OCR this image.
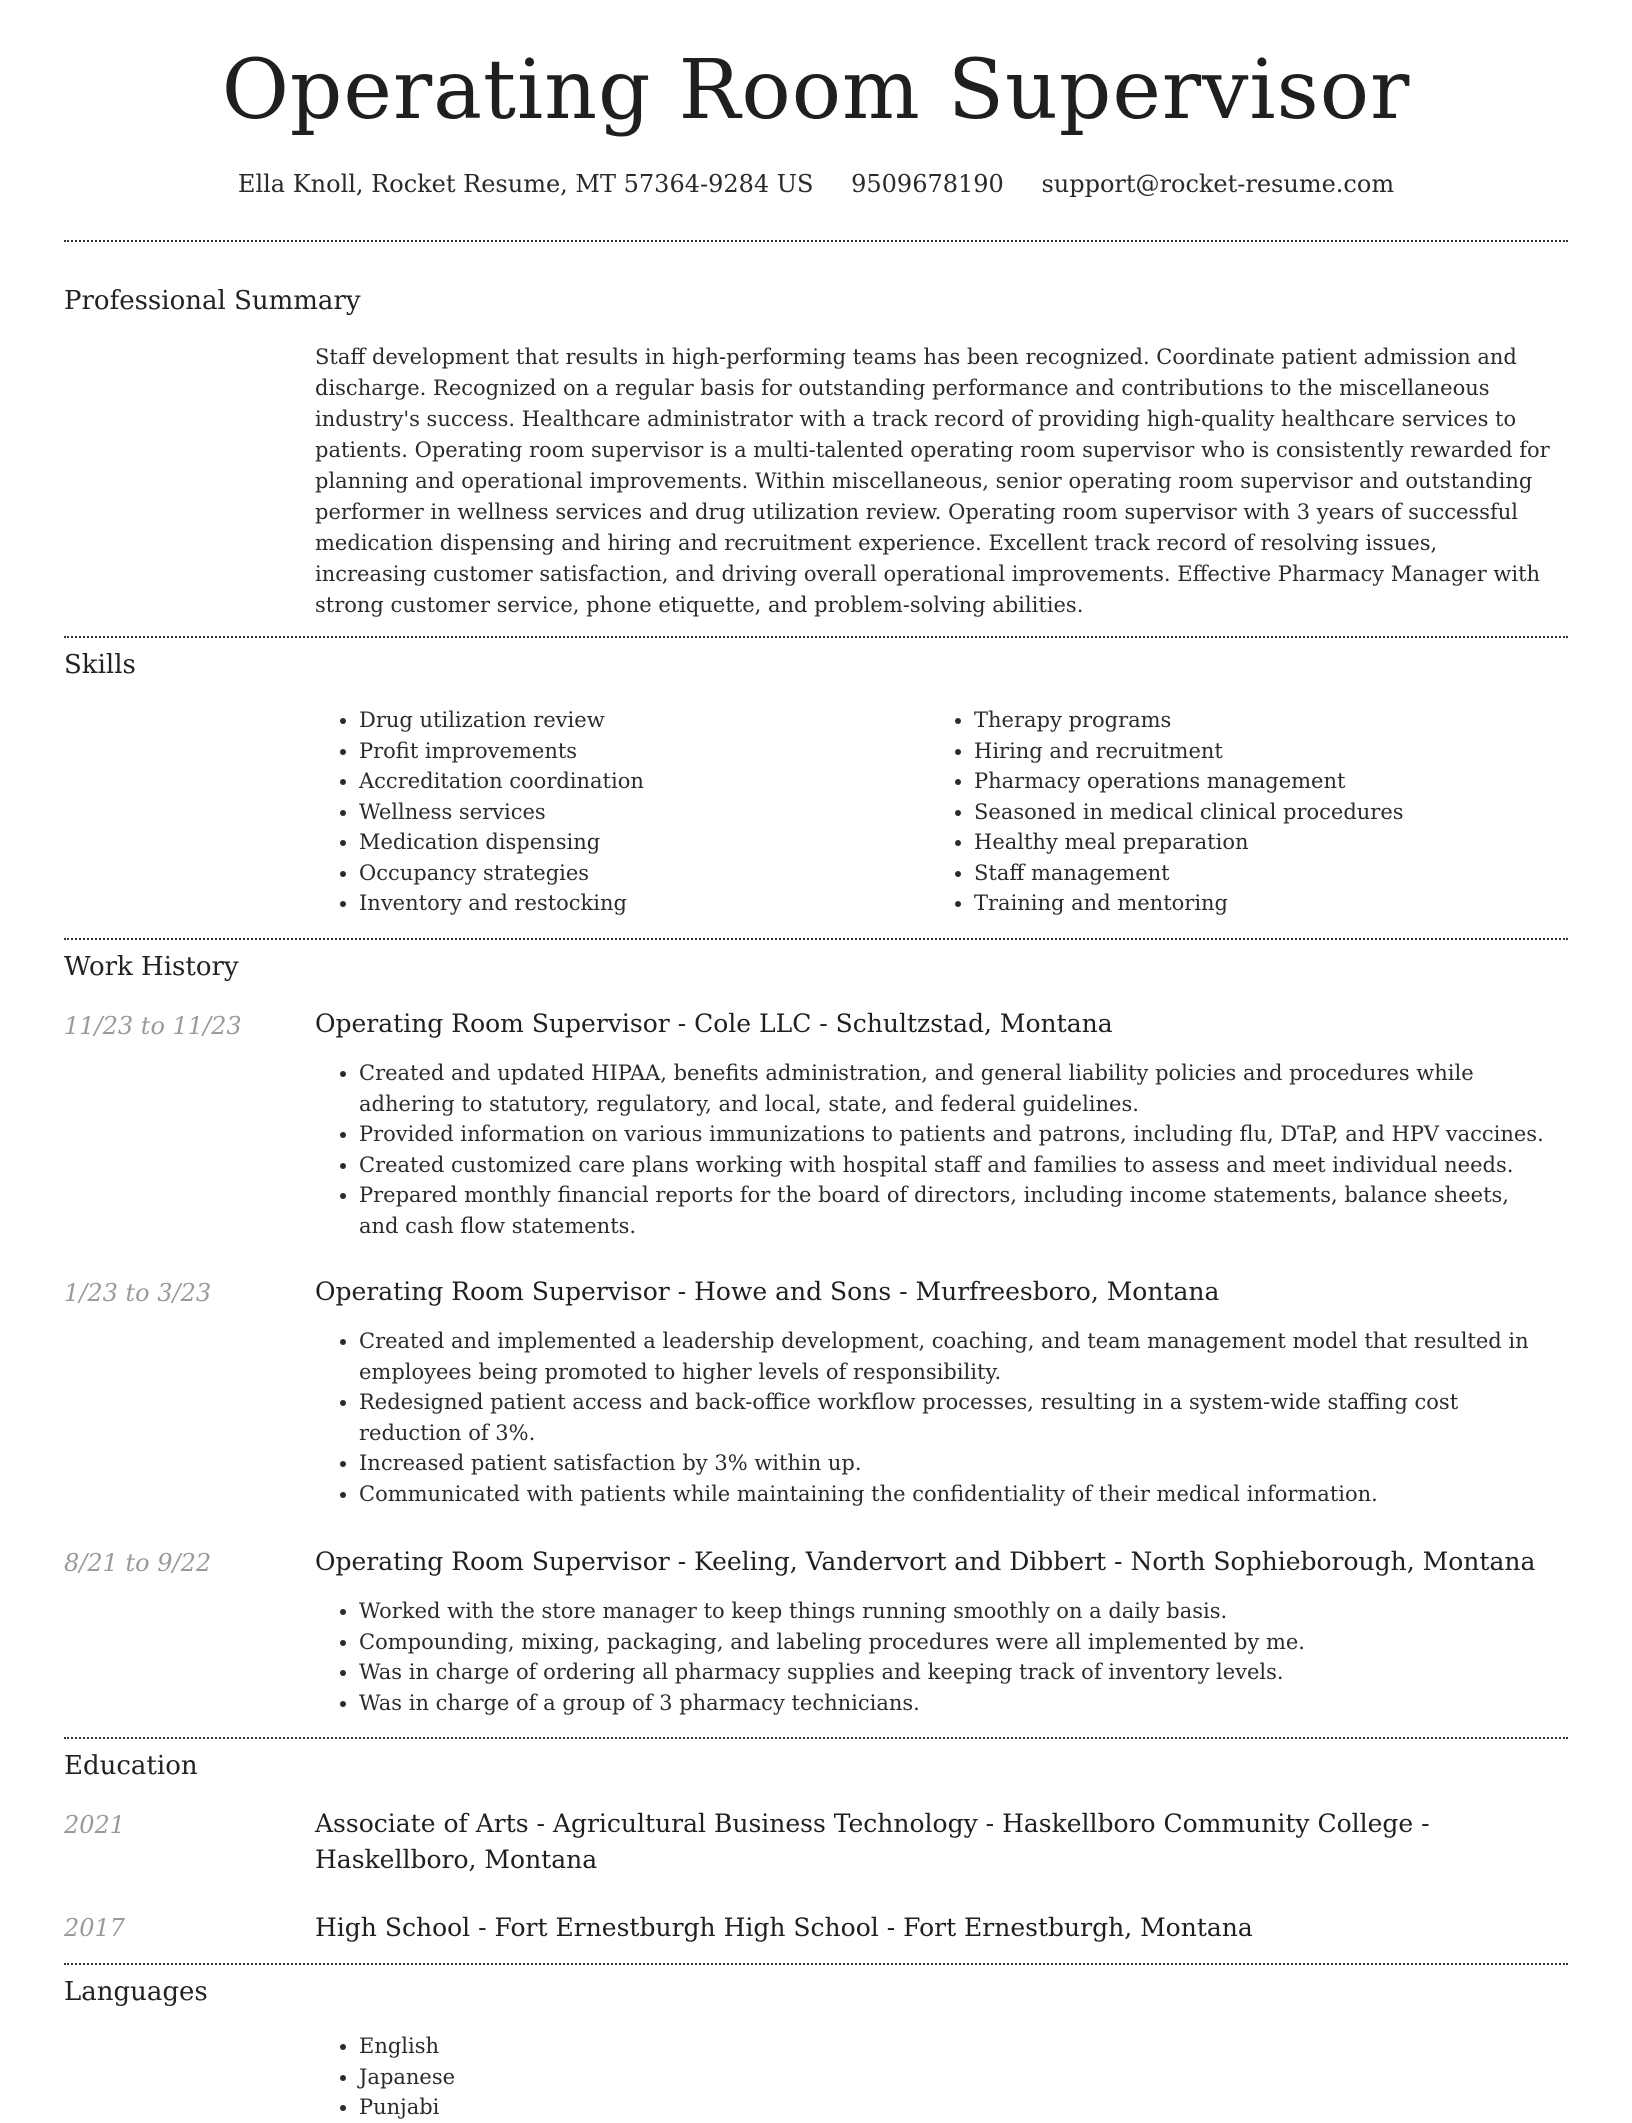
Operating Room Supervisor
Ella Knoll, Rocket Resume, MT 57364-9284 US 9509678190 support@rocket-resume.com
Professional Summary

Staff development that results in high-performing teams has been recognized. Coordinate patient admission and discharge. Recognized on a regular basis for outstanding performance and contributions to the miscellaneous industry's success. Healthcare administrator with a track record of providing high-quality healthcare services to patients. Operating room supervisor is a multi-talented operating room supervisor who is consistently rewarded for planning and operational improvements. Within miscellaneous, senior operating room supervisor and outstanding performer in wellness services and drug utilization review. Operating room supervisor with 3 years of successful medication dispensing and hiring and recruitment experience. Excellent track record of resolving issues, increasing customer satisfaction, and driving overall operational improvements. Effective Pharmacy Manager with strong customer service, phone etiquette, and problem-solving abilities.

Skills
• Drug utilization review
• Profit improvements
• Accreditation coordination
• Wellness services
• Medication dispensing
• Occupancy strategies
• Inventory and restocking
• Therapy programs
• Hiring and recruitment
• Pharmacy operations management
• Seasoned in medical clinical procedures
• Healthy meal preparation
• Staff management
• Training and mentoring
Work History
11/23 to 11/23	Operating Room Supervisor - Cole LLC - Schultzstad, Montana
• Created and updated HIPAA, benefits administration, and general liability policies and procedures while adhering to statutory, regulatory, and local, state, and federal guidelines.
• Provided information on various immunizations to patients and patrons, including flu, DTaP, and HPV vaccines.
• Created customized care plans working with hospital staff and families to assess and meet individual needs.
• Prepared monthly financial reports for the board of directors, including income statements, balance sheets, and cash flow statements.
1/23 to 3/23	Operating Room Supervisor - Howe and Sons - Murfreesboro, Montana
• Created and implemented a leadership development, coaching, and team management model that resulted in employees being promoted to higher levels of responsibility.
• Redesigned patient access and back-office workflow processes, resulting in a system-wide staffing cost reduction of 3%.
• Increased patient satisfaction by 3% within up.
• Communicated with patients while maintaining the confidentiality of their medical information.
8/21 to 9/22	Operating Room Supervisor - Keeling, Vandervort and Dibbert - North Sophieborough, Montana
• Worked with the store manager to keep things running smoothly on a daily basis.
• Compounding, mixing, packaging, and labeling procedures were all implemented by me.
• Was in charge of ordering all pharmacy supplies and keeping track of inventory levels.
• Was in charge of a group of 3 pharmacy technicians.
Education
2021	Associate of Arts - Agricultural Business Technology - Haskellboro Community College - Haskellboro, Montana
2017	High School - Fort Ernestburgh High School - Fort Ernestburgh, Montana
Languages
• English
• Japanese
• Punjabi
